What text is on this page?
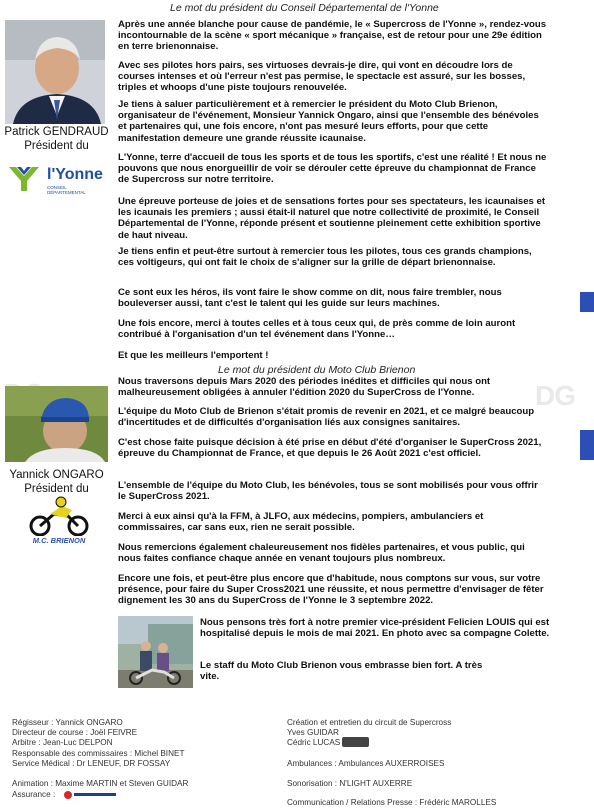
DG
Le mot du président du Conseil Départemental de l'Yonne
Patrick GENDRAUD
Président du
l'Yonne
CONSEIL DÉPARTEMENTAL

Après une année blanche pour cause de pandémie, le « Supercross de l'Yonne », rendez-vous incontournable de la scène « sport mécanique » française, est de retour pour une 29e édition en terre brienonnaise.

Avec ses pilotes hors pairs, ses virtuoses devrais-je dire, qui vont en découdre lors de courses intenses et où l'erreur n'est pas permise, le spectacle est assuré, sur les bosses, triples et whoops d'une piste toujours renouvelée.

Je tiens à saluer particulièrement et à remercier le président du Moto Club Brienon, organisateur de l'événement, Monsieur Yannick Ongaro, ainsi que l'ensemble des bénévoles et partenaires qui, une fois encore, n'ont pas mesuré leurs efforts, pour que cette manifestation demeure une grande réussite icaunaise.

L'Yonne, terre d'accueil de tous les sports et de tous les sportifs, c'est une réalité ! Et nous ne pouvons que nous enorgueillir de voir se dérouler cette épreuve du championnat de France de Supercross sur notre territoire.

Une épreuve porteuse de joies et de sensations fortes pour ses spectateurs, les icaunaises et les icaunais les premiers ; aussi était-il naturel que notre collectivité de proximité, le Conseil Départemental de l'Yonne, réponde présent et soutienne pleinement cette exhibition sportive de haut niveau.

Je tiens enfin et peut-être surtout à remercier tous les pilotes, tous ces grands champions, ces voltigeurs, qui ont fait le choix de s'aligner sur la grille de départ brienonnaise.

Ce sont eux les héros, ils vont faire le show comme on dit, nous faire trembler, nous bouleverser aussi, tant c'est le talent qui les guide sur leurs machines.

Une fois encore, merci à toutes celles et à tous ceux qui, de près comme de loin auront contribué à l'organisation d'un tel événement dans l'Yonne…

Et que les meilleurs l'emportent !

Le mot du président du Moto Club Brienon
Yannick ONGARO
Président du
M.C. BRIENON

Nous traversons depuis Mars 2020 des périodes inédites et difficiles qui nous ont malheureusement obligées à annuler l'édition 2020 du SuperCross de l'Yonne.

L'équipe du Moto Club de Brienon s'était promis de revenir en 2021, et ce malgré beaucoup d'incertitudes et de difficultés d'organisation liés aux consignes sanitaires.

C'est chose faite puisque décision à été prise en début d'été d'organiser le SuperCross 2021, épreuve du Championnat de France, et que depuis le 26 Août 2021 c'est officiel.

L'ensemble de l'équipe du Moto Club, les bénévoles, tous se sont mobilisés pour vous offrir le SuperCross 2021.

Merci à eux ainsi qu'à la FFM, à JLFO, aux médecins, pompiers, ambulanciers et commissaires, car sans eux, rien ne serait possible.

Nous remercions également chaleureusement nos fidèles partenaires, et vous public, qui nous faites confiance chaque année en venant toujours plus nombreux.

Encore une fois, et peut-être plus encore que d'habitude, nous comptons sur vous, sur votre présence, pour faire du Super Cross2021 une réussite, et nous permettre d'envisager de fêter dignement les 30 ans du SuperCross de l'Yonne le 3 septembre 2022.

Nous pensons très fort à notre premier vice-président Felicien LOUIS qui est hospitalisé depuis le mois de mai 2021. En photo avec sa compagne Colette.

Le staff du Moto Club Brienon vous embrasse bien fort. A très vite.

Régisseur : Yannick ONGARO
Directeur de course : Joël FEIVRE
Arbitre : Jean-Luc DELPON
Responsable des commissaires : Michel BINET
Service Médical : Dr LENEUF, DR FOSSAY
Animation : Maxime MARTIN et Steven GUIDAR
Assurance :
Création et entretien du circuit de Supercross
Yves GUIDAR
Cédric LUCAS
Ambulances : Ambulances AUXERROISES
Sonorisation : N'LIGHT AUXERRE
Communication / Relations Presse : Frédéric MAROLLES
